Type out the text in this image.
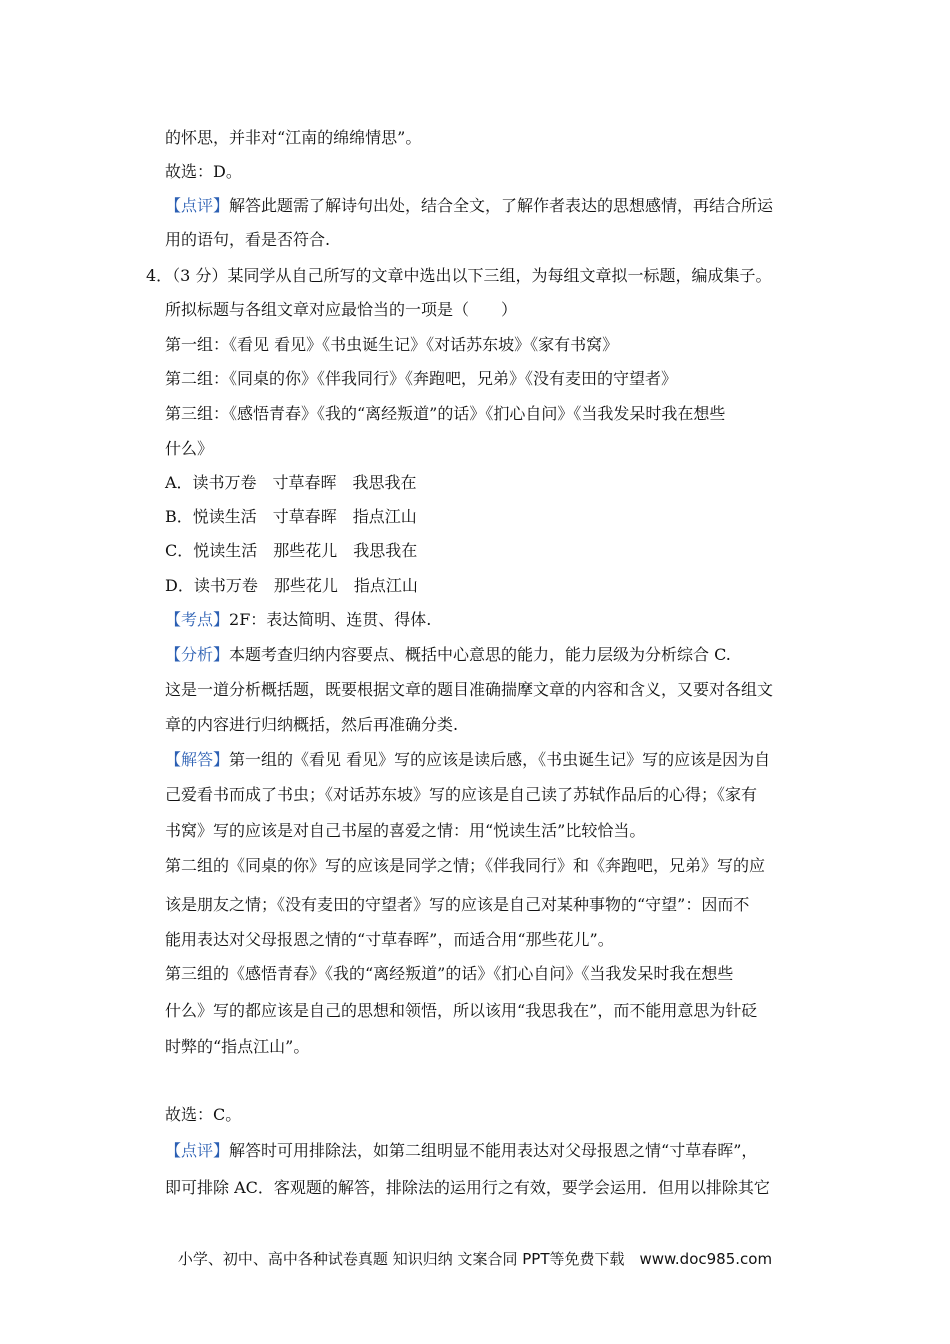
的怀思，并非对“江南的绵绵情思”。
故选：D。
【点评】解答此题需了解诗句出处，结合全文，了解作者表达的思想感情，再结合所运
用的语句，看是否符合.
4．（3 分）某同学从自己所写的文章中选出以下三组，为每组文章拟一标题，编成集子。
所拟标题与各组文章对应最恰当的一项是（　　）
第一组：《看见 看见》《书虫诞生记》《对话苏东坡》《家有书窝》
第二组：《同桌的你》《伴我同行》《奔跑吧，兄弟》《没有麦田的守望者》
第三组：《感悟青春》《我的“离经叛道”的话》《扪心自问》《当我发呆时我在想些
什么》
A．读书万卷　寸草春晖　我思我在
B．悦读生活　寸草春晖　指点江山
C．悦读生活　那些花儿　我思我在
D．读书万卷　那些花儿　指点江山
【考点】2F：表达简明、连贯、得体.
【分析】本题考查归纳内容要点、概括中心意思的能力，能力层级为分析综合 C.
这是一道分析概括题，既要根据文章的题目准确揣摩文章的内容和含义，又要对各组文
章的内容进行归纳概括，然后再准确分类.
【解答】第一组的《看见 看见》写的应该是读后感，《书虫诞生记》写的应该是因为自
己爱看书而成了书虫；《对话苏东坡》写的应该是自己读了苏轼作品后的心得；《家有
书窝》写的应该是对自己书屋的喜爱之情：用“悦读生活”比较恰当。
第二组的《同桌的你》写的应该是同学之情；《伴我同行》和《奔跑吧，兄弟》写的应
该是朋友之情；《没有麦田的守望者》写的应该是自己对某种事物的“守望”：因而不
能用表达对父母报恩之情的“寸草春晖”，而适合用“那些花儿”。
第三组的《感悟青春》《我的“离经叛道”的话》《扪心自问》《当我发呆时我在想些
什么》写的都应该是自己的思想和领悟，所以该用“我思我在”，而不能用意思为针砭
时弊的“指点江山”。
故选：C。
【点评】解答时可用排除法，如第二组明显不能用表达对父母报恩之情“寸草春晖”，
即可排除 AC．客观题的解答，排除法的运用行之有效，要学会运用．但用以排除其它
小学、初中、高中各种试卷真题 知识归纳 文案合同 PPT等免费下载　www.doc985.com
